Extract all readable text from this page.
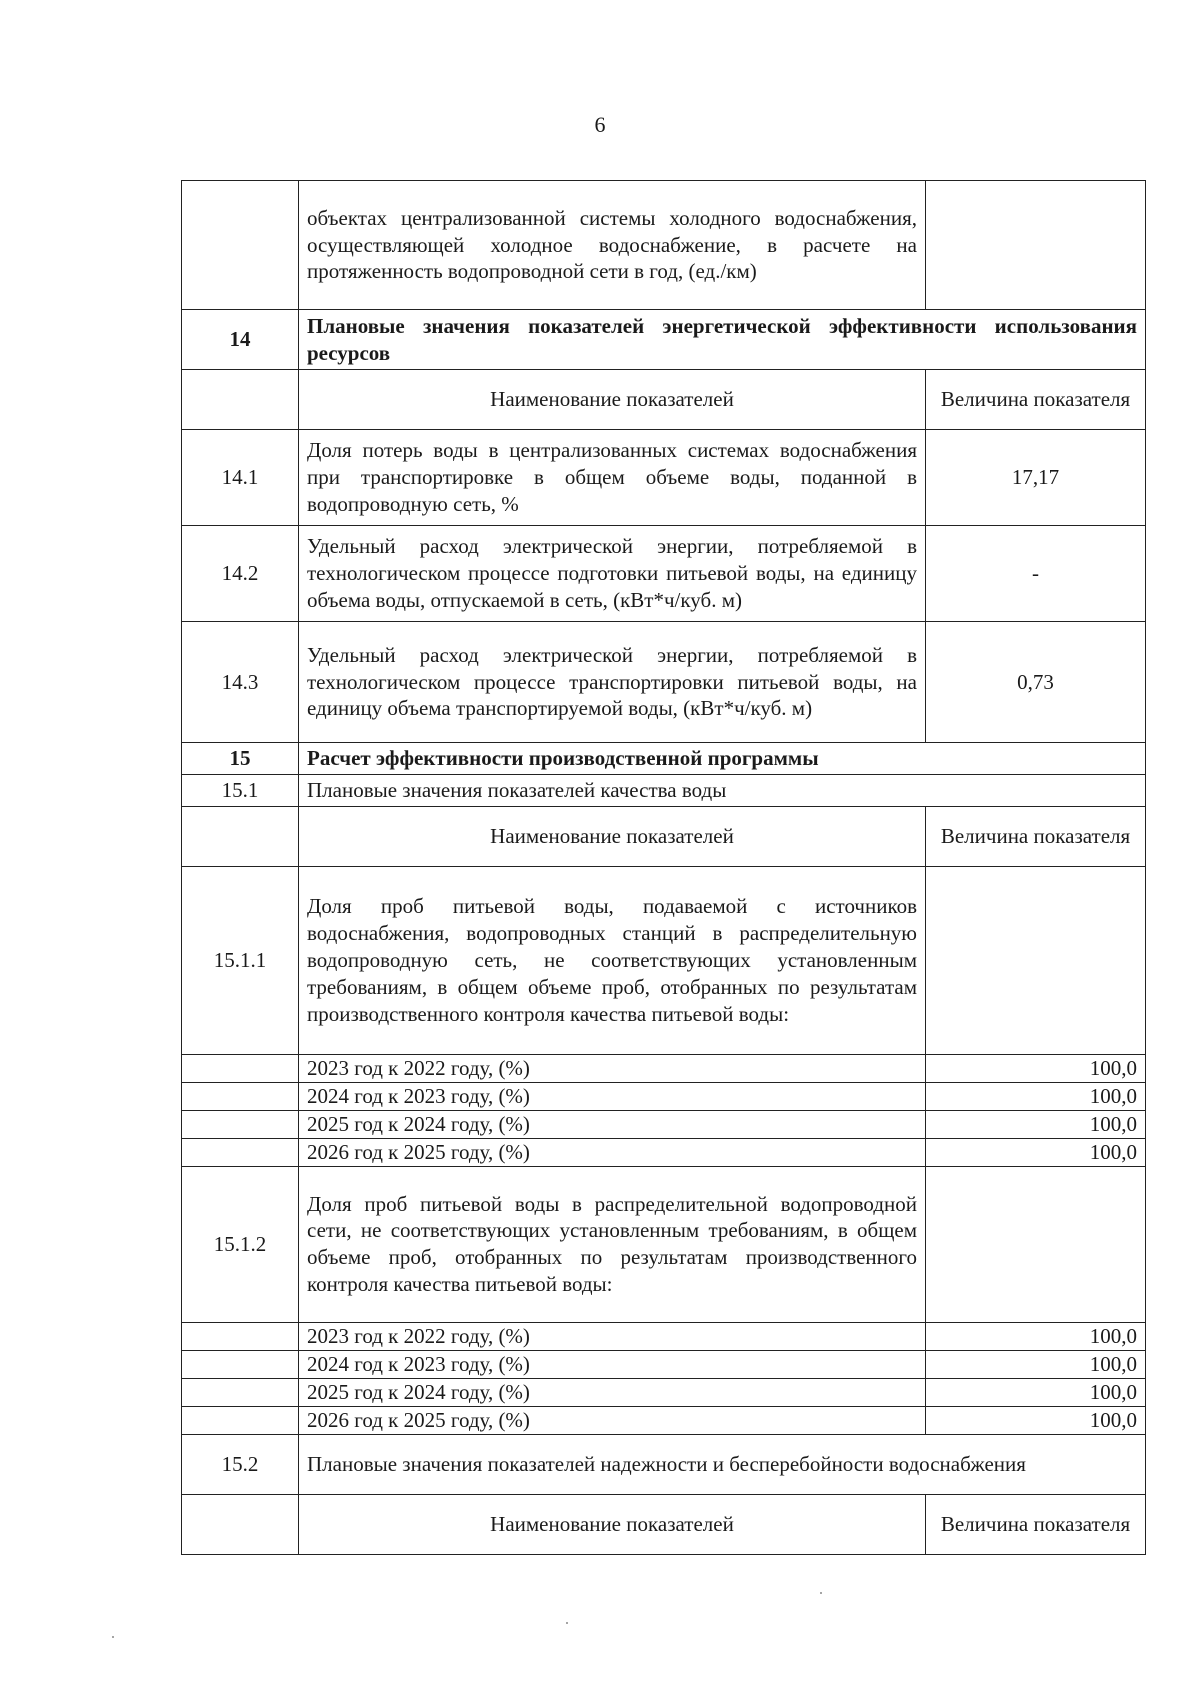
6
	объектах централизованной системы холодного водоснабжения, осуществляющей холодное водоснабжение, в расчете на протяженность водопроводной сети в год, (ед./км)	
14	Плановые значения показателей энергетической эффективности использования ресурсов	
	Наименование показателей	Величина показателя
14.1	Доля потерь воды в централизованных системах водоснабжения при транспортировке в общем объеме воды, поданной в водопроводную сеть, %	17,17
14.2	Удельный расход электрической энергии, потребляемой в технологическом процессе подготовки питьевой воды, на единицу объема воды, отпускаемой в сеть, (кВт*ч/куб. м)	-
14.3	Удельный расход электрической энергии, потребляемой в технологическом процессе транспортировки питьевой воды, на единицу объема транспортируемой воды, (кВт*ч/куб. м)	0,73
15	Расчет эффективности производственной программы	
15.1	Плановые значения показателей качества воды	
	Наименование показателей	Величина показателя
15.1.1	Доля проб питьевой воды, подаваемой с источников водоснабжения, водопроводных станций в распределительную водопроводную сеть, не соответствующих установленным требованиям, в общем объеме проб, отобранных по результатам производственного контроля качества питьевой воды:	
	2023 год к 2022 году, (%)	100,0
	2024 год к 2023 году, (%)	100,0
	2025 год к 2024 году, (%)	100,0
	2026 год к 2025 году, (%)	100,0
15.1.2	Доля проб питьевой воды в распределительной водопроводной сети, не соответствующих установленным требованиям, в общем объеме проб, отобранных по результатам производственного контроля качества питьевой воды:	
	2023 год к 2022 году, (%)	100,0
	2024 год к 2023 году, (%)	100,0
	2025 год к 2024 году, (%)	100,0
	2026 год к 2025 году, (%)	100,0
15.2	Плановые значения показателей надежности и бесперебойности водоснабжения	
	Наименование показателей	Величина показателя
